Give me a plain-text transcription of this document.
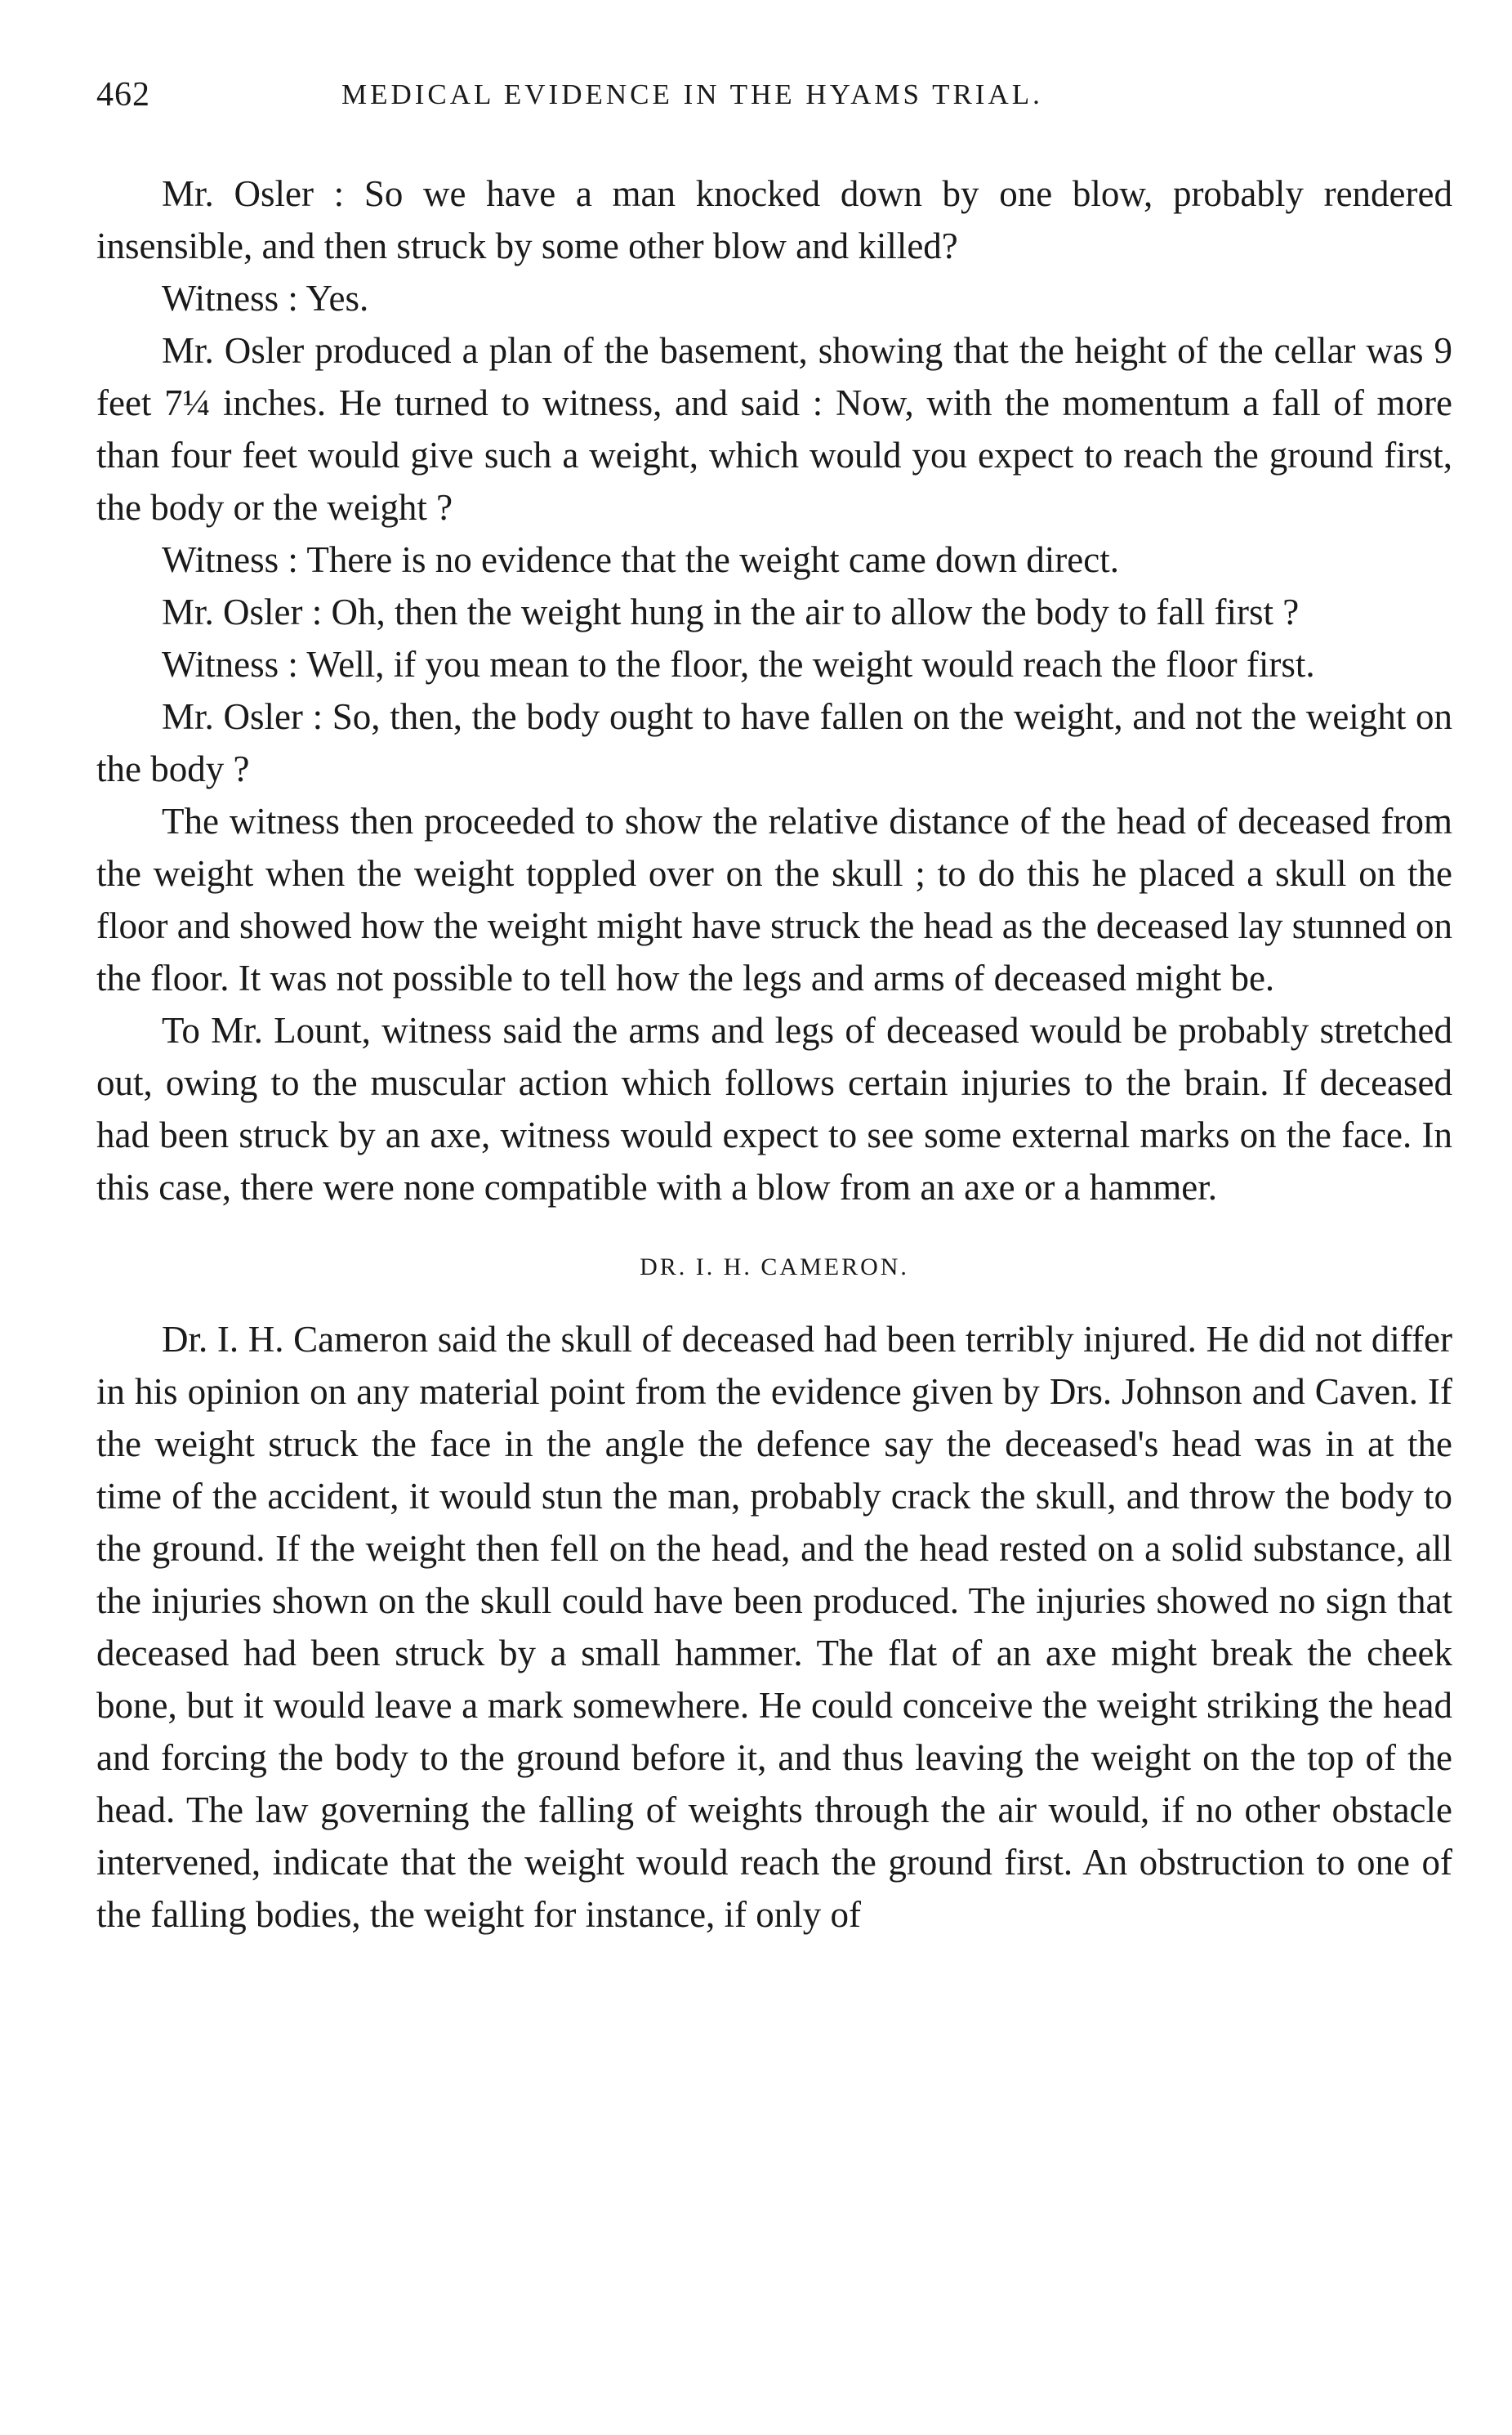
462	MEDICAL EVIDENCE IN THE HYAMS TRIAL.

Mr. Osler : So we have a man knocked down by one blow, probably rendered insensible, and then struck by some other blow and killed?

Witness : Yes.

Mr. Osler produced a plan of the basement, showing that the height of the cellar was 9 feet 7¼ inches. He turned to witness, and said : Now, with the momentum a fall of more than four feet would give such a weight, which would you expect to reach the ground first, the body or the weight ?

Witness : There is no evidence that the weight came down direct.

Mr. Osler : Oh, then the weight hung in the air to allow the body to fall first ?

Witness : Well, if you mean to the floor, the weight would reach the floor first.

Mr. Osler : So, then, the body ought to have fallen on the weight, and not the weight on the body ?

The witness then proceeded to show the relative distance of the head of deceased from the weight when the weight toppled over on the skull ; to do this he placed a skull on the floor and showed how the weight might have struck the head as the deceased lay stunned on the floor. It was not possible to tell how the legs and arms of deceased might be.

To Mr. Lount, witness said the arms and legs of deceased would be probably stretched out, owing to the muscular action which follows certain injuries to the brain. If deceased had been struck by an axe, witness would expect to see some external marks on the face. In this case, there were none compatible with a blow from an axe or a hammer.

DR. I. H. CAMERON.

Dr. I. H. Cameron said the skull of deceased had been terribly injured. He did not differ in his opinion on any material point from the evidence given by Drs. Johnson and Caven. If the weight struck the face in the angle the defence say the deceased's head was in at the time of the accident, it would stun the man, probably crack the skull, and throw the body to the ground. If the weight then fell on the head, and the head rested on a solid substance, all the injuries shown on the skull could have been produced. The injuries showed no sign that deceased had been struck by a small hammer. The flat of an axe might break the cheek bone, but it would leave a mark somewhere. He could conceive the weight striking the head and forcing the body to the ground before it, and thus leaving the weight on the top of the head. The law governing the falling of weights through the air would, if no other obstacle intervened, indicate that the weight would reach the ground first. An obstruction to one of the falling bodies, the weight for instance, if only of
